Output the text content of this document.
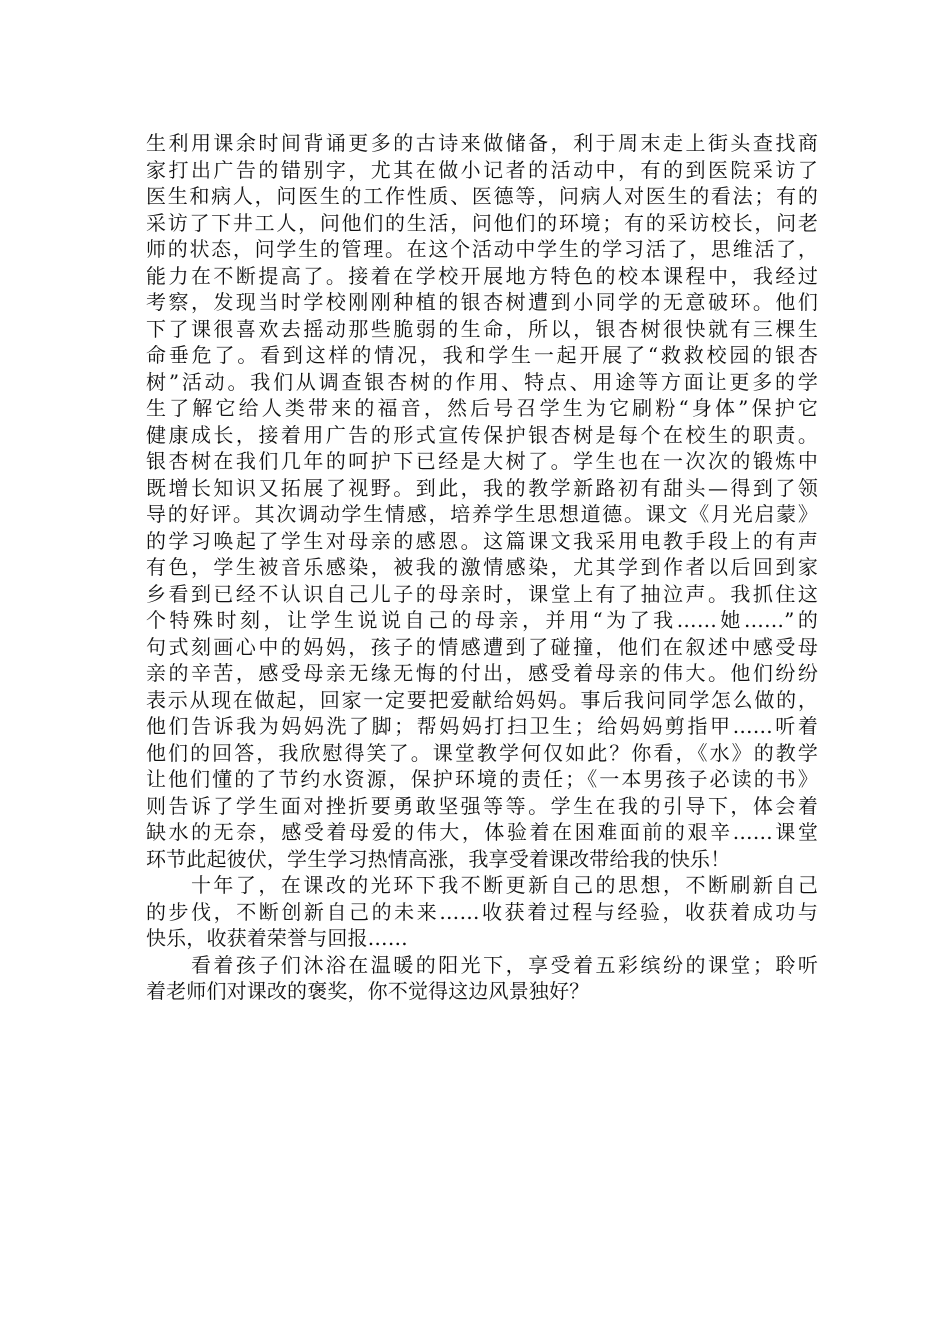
生利用课余时间背诵更多的古诗来做储备，利于周末走上街头查找商
家打出广告的错别字，尤其在做小记者的活动中，有的到医院采访了
医生和病人，问医生的工作性质、医德等，问病人对医生的看法；有的
采访了下井工人，问他们的生活，问他们的环境；有的采访校长，问老
师的状态，问学生的管理。在这个活动中学生的学习活了，思维活了，
能力在不断提高了。接着在学校开展地方特色的校本课程中，我经过
考察，发现当时学校刚刚种植的银杏树遭到小同学的无意破环。他们
下了课很喜欢去摇动那些脆弱的生命，所以，银杏树很快就有三棵生
命垂危了。看到这样的情况，我和学生一起开展了“救救校园的银杏
树”活动。我们从调查银杏树的作用、特点、用途等方面让更多的学
生了解它给人类带来的福音，然后号召学生为它刷粉“身体”保护它
健康成长，接着用广告的形式宣传保护银杏树是每个在校生的职责。
银杏树在我们几年的呵护下已经是大树了。学生也在一次次的锻炼中
既增长知识又拓展了视野。到此，我的教学新路初有甜头—得到了领
导的好评。其次调动学生情感，培养学生思想道德。课文《月光启蒙》
的学习唤起了学生对母亲的感恩。这篇课文我采用电教手段上的有声
有色，学生被音乐感染，被我的激情感染，尤其学到作者以后回到家
乡看到已经不认识自己儿子的母亲时，课堂上有了抽泣声。我抓住这
个特殊时刻，让学生说说自己的母亲，并用“为了我……她……”的
句式刻画心中的妈妈，孩子的情感遭到了碰撞，他们在叙述中感受母
亲的辛苦，感受母亲无缘无悔的付出，感受着母亲的伟大。他们纷纷
表示从现在做起，回家一定要把爱献给妈妈。事后我问同学怎么做的，
他们告诉我为妈妈洗了脚；帮妈妈打扫卫生；给妈妈剪指甲……听着
他们的回答，我欣慰得笑了。课堂教学何仅如此？你看，《水》的教学
让他们懂的了节约水资源，保护环境的责任；《一本男孩子必读的书》
则告诉了学生面对挫折要勇敢坚强等等。学生在我的引导下，体会着
缺水的无奈，感受着母爱的伟大，体验着在困难面前的艰辛……课堂
环节此起彼伏，学生学习热情高涨，我享受着课改带给我的快乐！
　　十年了，在课改的光环下我不断更新自己的思想，不断刷新自己
的步伐，不断创新自己的未来……收获着过程与经验，收获着成功与
快乐，收获着荣誉与回报……
　　看着孩子们沐浴在温暖的阳光下，享受着五彩缤纷的课堂；聆听
着老师们对课改的褒奖，你不觉得这边风景独好？
